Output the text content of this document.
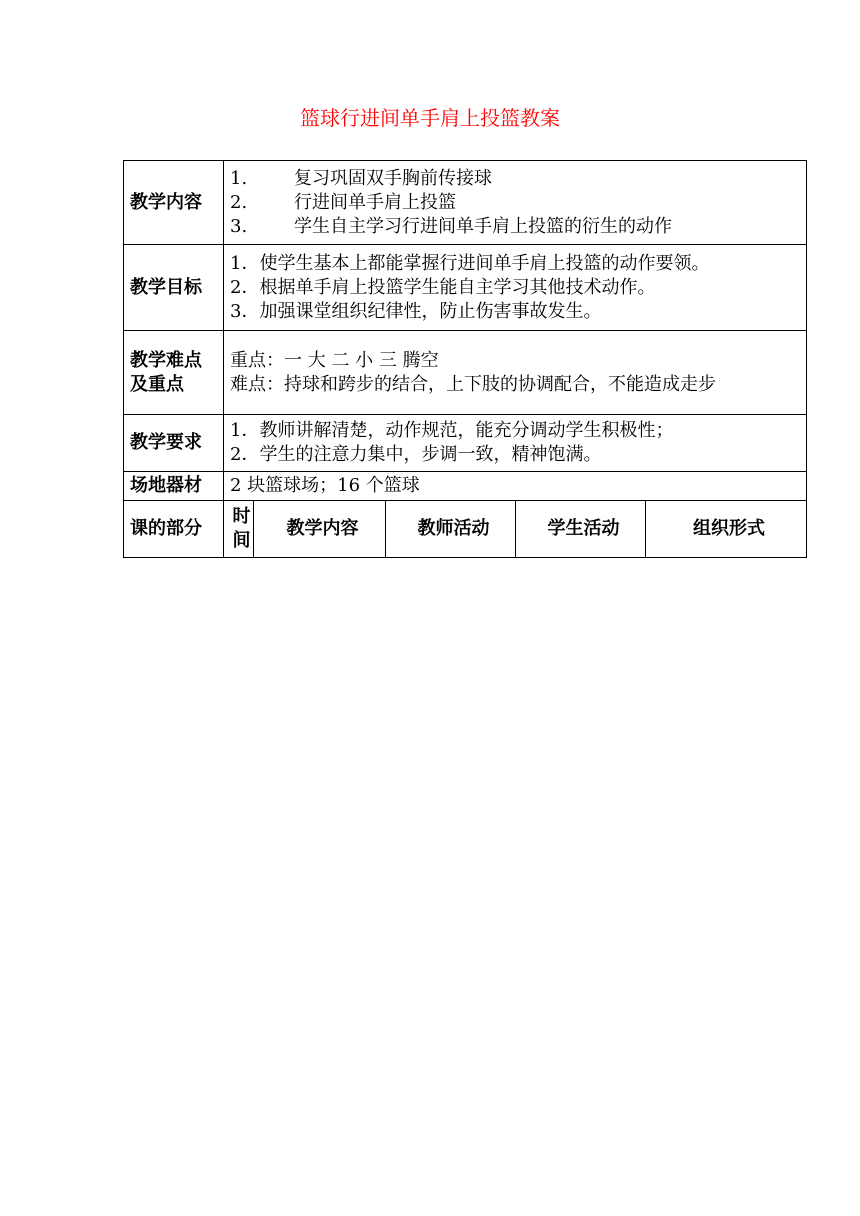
篮球行进间单手肩上投篮教案
教学内容	1. 复习巩固双手胸前传接球
2. 行进间单手肩上投篮
3. 学生自主学习行进间单手肩上投篮的衍生的动作				

教学目标	1．使学生基本上都能掌握行进间单手肩上投篮的动作要领。
2．根据单手肩上投篮学生能自主学习其他技术动作。
3．加强课堂组织纪律性，防止伤害事故发生。				

教学难点
及重点	重点：一 大 二 小 三 腾空
难点：持球和跨步的结合，上下肢的协调配合，不能造成走步				

教学要求	1．教师讲解清楚，动作规范，能充分调动学生积极性；
2．学生的注意力集中，步调一致，精神饱满。				

场地器材	2 块篮球场；16 个篮球				
课的部分	时
间	教学内容	教师活动	学生活动	组织形式
